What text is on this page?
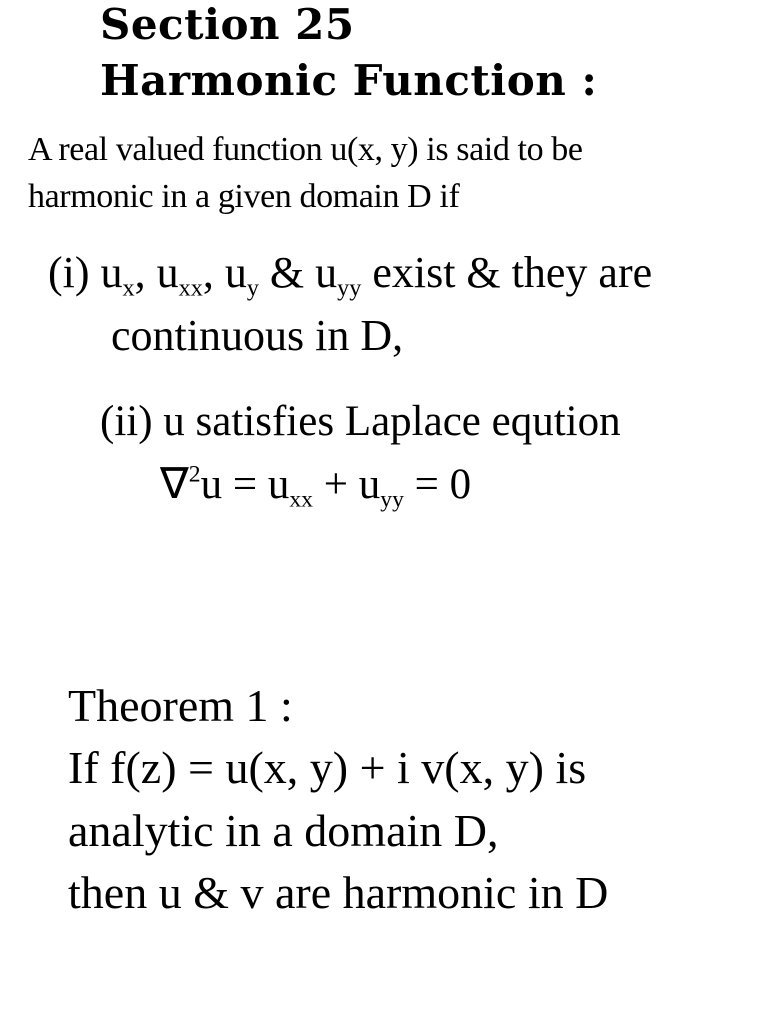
Section 25
Harmonic Function :
A real valued function u(x, y) is said to be
harmonic in a given domain D if
(i) $u_x$, $u_{xx}$, $u_y$ & $u_{yy}$ exist & they are
continuous in D,
(ii) u satisfies Laplace eqution
$\nabla^2u = u_{xx} + u_{yy} = 0$
Theorem 1 :
If f(z) = u(x, y) + i v(x, y) is
analytic in a domain D,
then u & v are harmonic in D
